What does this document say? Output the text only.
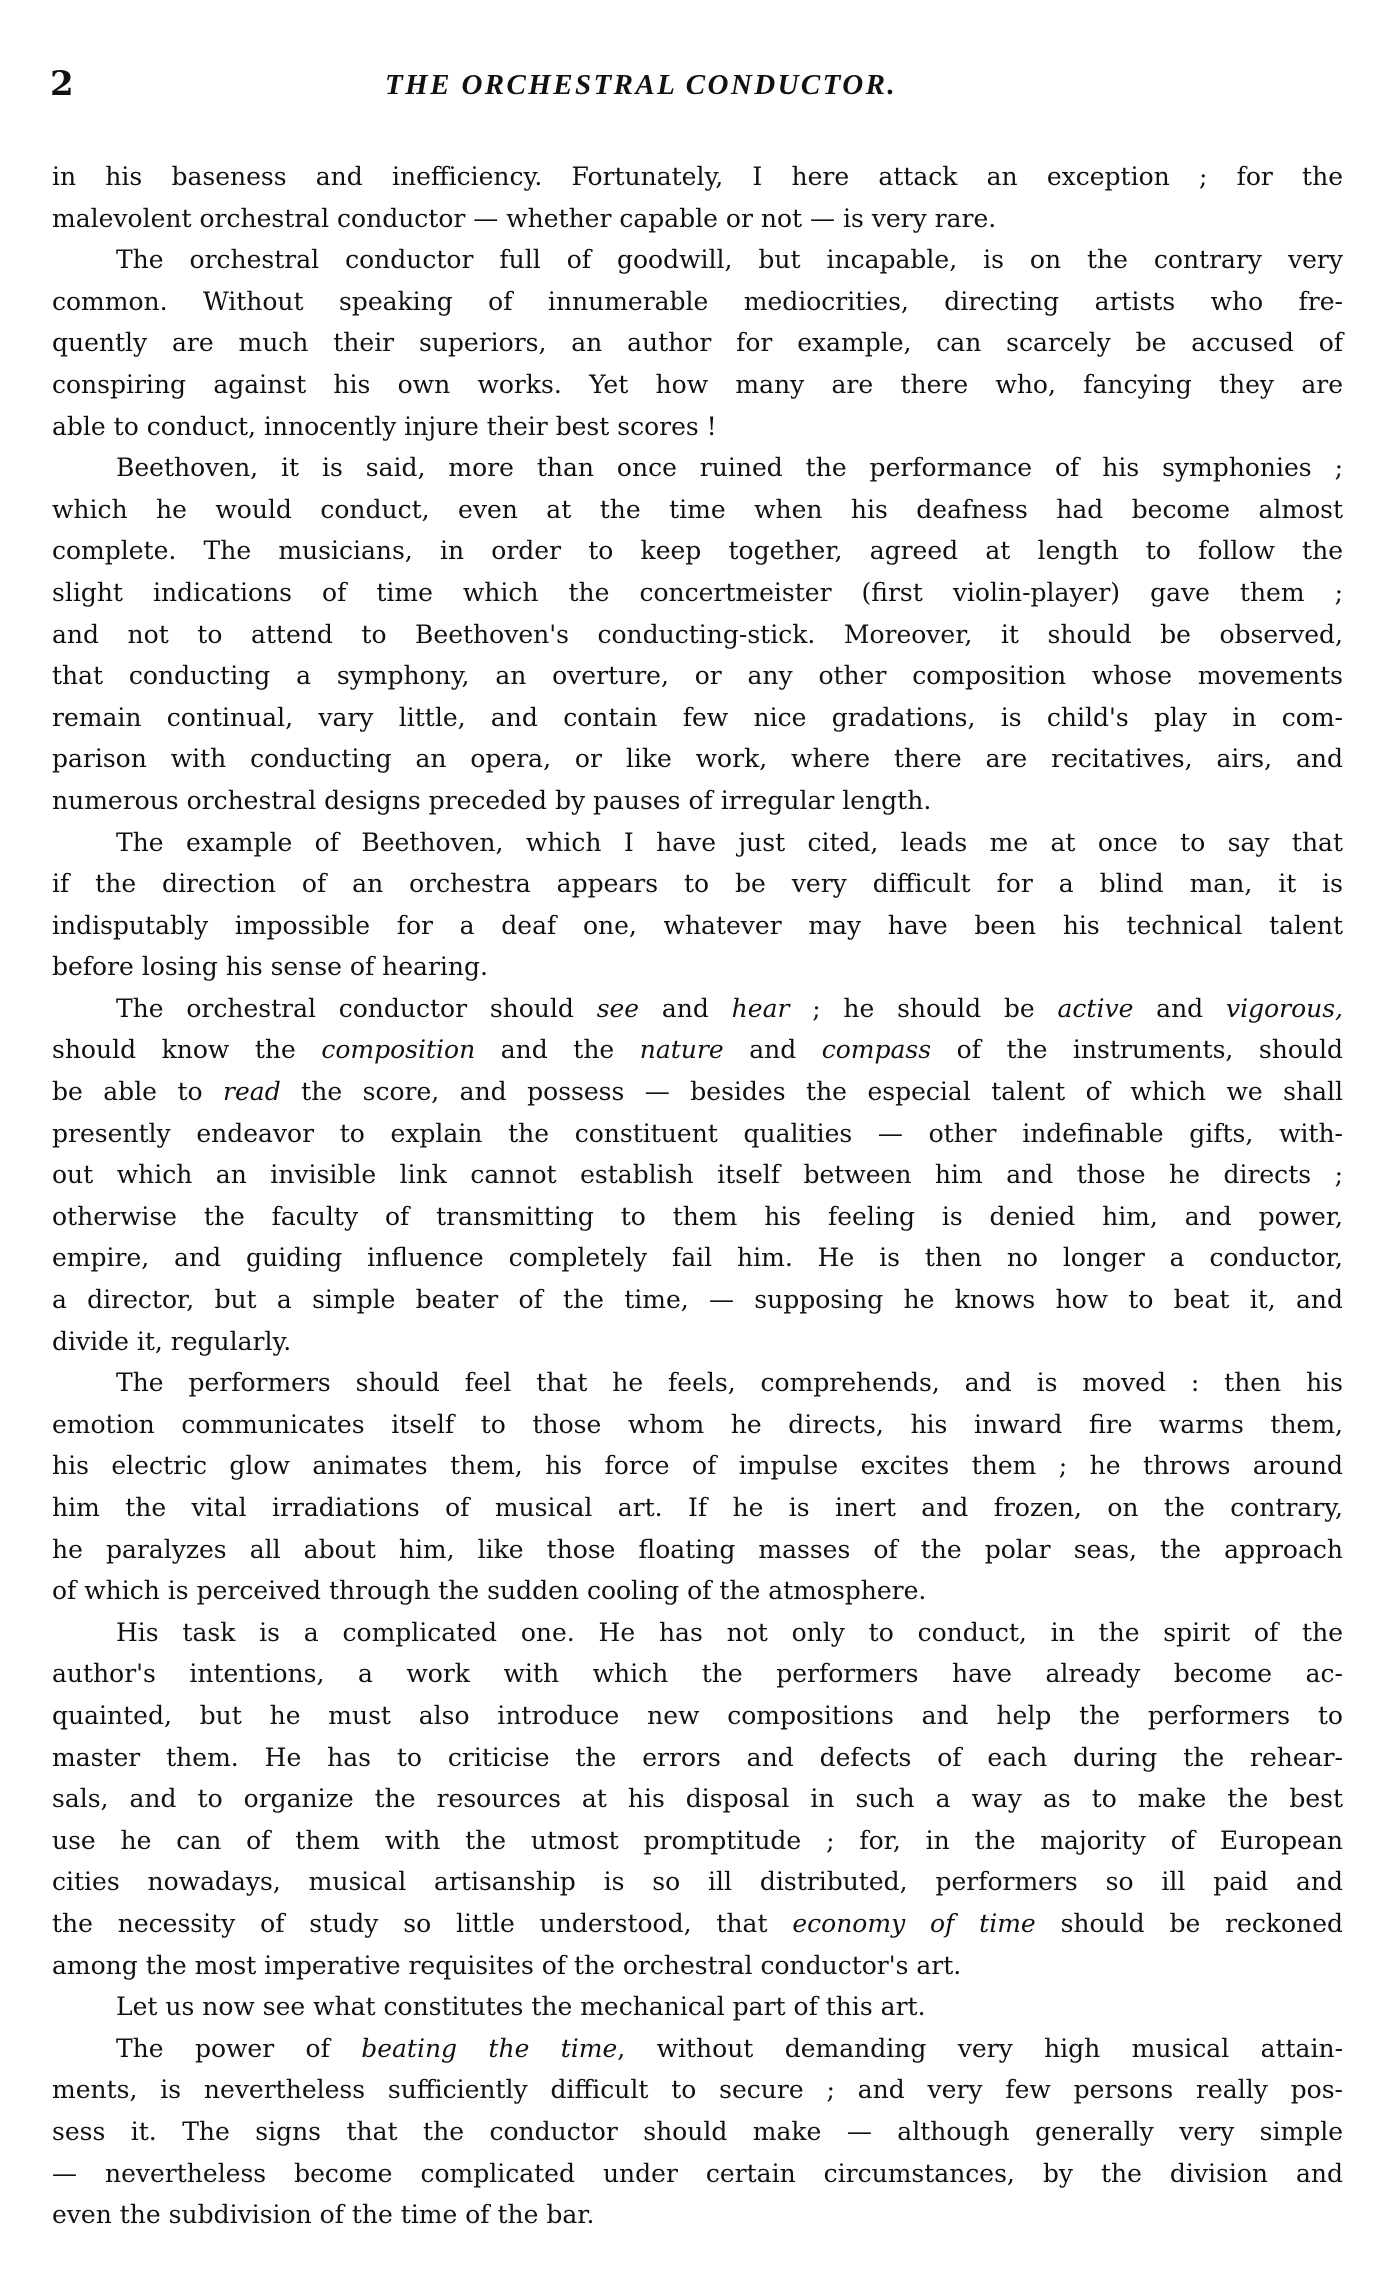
2	THE ORCHESTRAL CONDUCTOR.
in his baseness and inefficiency. Fortunately, I here attack an exception ; for the
malevolent orchestral conductor — whether capable or not — is very rare.
The orchestral conductor full of goodwill, but incapable, is on the contrary very
common. Without speaking of innumerable mediocrities, directing artists who fre-
quently are much their superiors, an author for example, can scarcely be accused of
conspiring against his own works. Yet how many are there who, fancying they are
able to conduct, innocently injure their best scores !
Beethoven, it is said, more than once ruined the performance of his symphonies ;
which he would conduct, even at the time when his deafness had become almost
complete. The musicians, in order to keep together, agreed at length to follow the
slight indications of time which the concertmeister (first violin-player) gave them ;
and not to attend to Beethoven's conducting-stick. Moreover, it should be observed,
that conducting a symphony, an overture, or any other composition whose movements
remain continual, vary little, and contain few nice gradations, is child's play in com-
parison with conducting an opera, or like work, where there are recitatives, airs, and
numerous orchestral designs preceded by pauses of irregular length.
The example of Beethoven, which I have just cited, leads me at once to say that
if the direction of an orchestra appears to be very difficult for a blind man, it is
indisputably impossible for a deaf one, whatever may have been his technical talent
before losing his sense of hearing.
The orchestral conductor should see and hear ; he should be active and vigorous,
should know the composition and the nature and compass of the instruments, should
be able to read the score, and possess — besides the especial talent of which we shall
presently endeavor to explain the constituent qualities — other indefinable gifts, with-
out which an invisible link cannot establish itself between him and those he directs ;
otherwise the faculty of transmitting to them his feeling is denied him, and power,
empire, and guiding influence completely fail him. He is then no longer a conductor,
a director, but a simple beater of the time, — supposing he knows how to beat it, and
divide it, regularly.
The performers should feel that he feels, comprehends, and is moved : then his
emotion communicates itself to those whom he directs, his inward fire warms them,
his electric glow animates them, his force of impulse excites them ; he throws around
him the vital irradiations of musical art. If he is inert and frozen, on the contrary,
he paralyzes all about him, like those floating masses of the polar seas, the approach
of which is perceived through the sudden cooling of the atmosphere.
His task is a complicated one. He has not only to conduct, in the spirit of the
author's intentions, a work with which the performers have already become ac-
quainted, but he must also introduce new compositions and help the performers to
master them. He has to criticise the errors and defects of each during the rehear-
sals, and to organize the resources at his disposal in such a way as to make the best
use he can of them with the utmost promptitude ; for, in the majority of European
cities nowadays, musical artisanship is so ill distributed, performers so ill paid and
the necessity of study so little understood, that economy of time should be reckoned
among the most imperative requisites of the orchestral conductor's art.
Let us now see what constitutes the mechanical part of this art.
The power of beating the time, without demanding very high musical attain-
ments, is nevertheless sufficiently difficult to secure ; and very few persons really pos-
sess it. The signs that the conductor should make — although generally very simple
— nevertheless become complicated under certain circumstances, by the division and
even the subdivision of the time of the bar.
